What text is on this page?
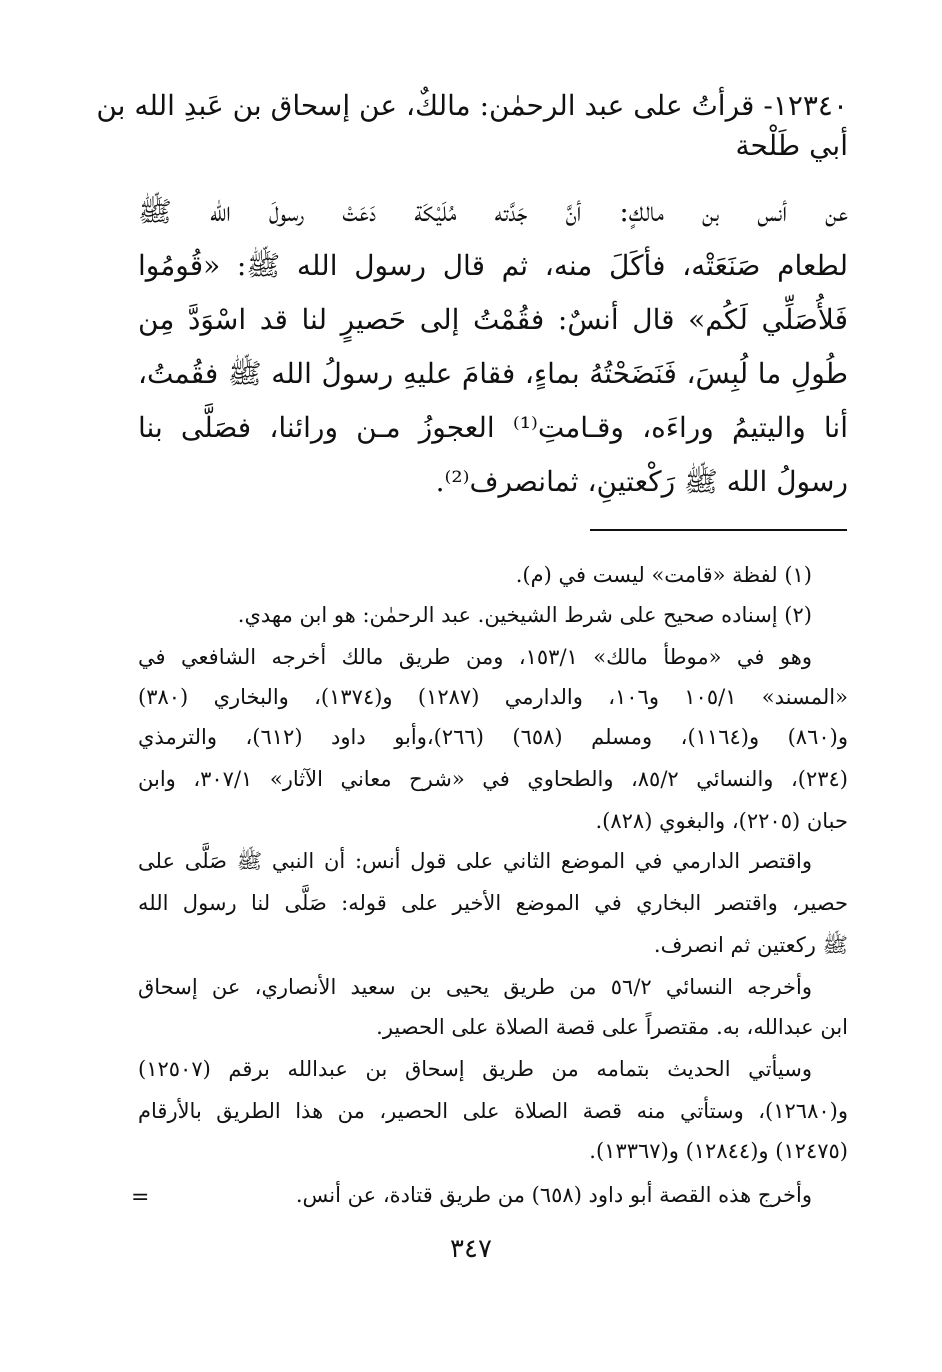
١٢٣٤٠- قرأتُ على عبد الرحمٰن: مالكٌ، عن إسحاق بن عَبدِ الله بن
أبي طَلْحة
عن أنس بن مالكٍ: أنَّ جَدَّته مُلَيْكَة دَعَتْ رسولَ الله ﷺ
لطعام صَنَعَتْه، فأكَلَ منه، ثم قال رسول الله ﷺ: «قُومُوا
فَلأُصَلِّي لَكُم» قال أنسٌ: فقُمْتُ إلى حَصيرٍ لنا قد اسْوَدَّ مِن
طُولِ ما لُبِسَ، فَنَضَحْتُهُ بماءٍ، فقامَ عليهِ رسولُ الله ﷺ فقُمتُ،
أنا واليتيمُ وراءَه، وقـامتِ⁽¹⁾ العجوزُ مـن ورائنا، فصَلَّى بنا
رسولُ الله ﷺ رَكْعتينِ، ثمانصرف⁽²⁾.
(١) لفظة «قامت» ليست في (م).
(٢) إسناده صحيح على شرط الشيخين. عبد الرحمٰن: هو ابن مهدي.
وهو في «موطأ مالك» ١٥٣/١، ومن طريق مالك أخرجه الشافعي في
«المسند» ١٠٥/١ و١٠٦، والدارمي (١٢٨٧) و(١٣٧٤)، والبخاري (٣٨٠)
و(٨٦٠) و(١١٦٤)، ومسلم (٦٥٨) (٢٦٦)،وأبو داود (٦١٢)، والترمذي
(٢٣٤)، والنسائي ٨٥/٢، والطحاوي في «شرح معاني الآثار» ٣٠٧/١، وابن
حبان (٢٢٠٥)، والبغوي (٨٢٨).
واقتصر الدارمي في الموضع الثاني على قول أنس: أن النبي ﷺ صَلَّى على
حصير، واقتصر البخاري في الموضع الأخير على قوله: صَلَّى لنا رسول الله
ﷺ ركعتين ثم انصرف.
وأخرجه النسائي ٥٦/٢ من طريق يحيى بن سعيد الأنصاري، عن إسحاق
ابن عبدالله، به. مقتصراً على قصة الصلاة على الحصير.
وسيأتي الحديث بتمامه من طريق إسحاق بن عبدالله برقم (١٢٥٠٧)
و(١٢٦٨٠)، وستأتي منه قصة الصلاة على الحصير، من هذا الطريق بالأرقام
(١٢٤٧٥) و(١٢٨٤٤) و(١٣٣٦٧).
وأخرج هذه القصة أبو داود (٦٥٨) من طريق قتادة، عن أنس.
=
٣٤٧
